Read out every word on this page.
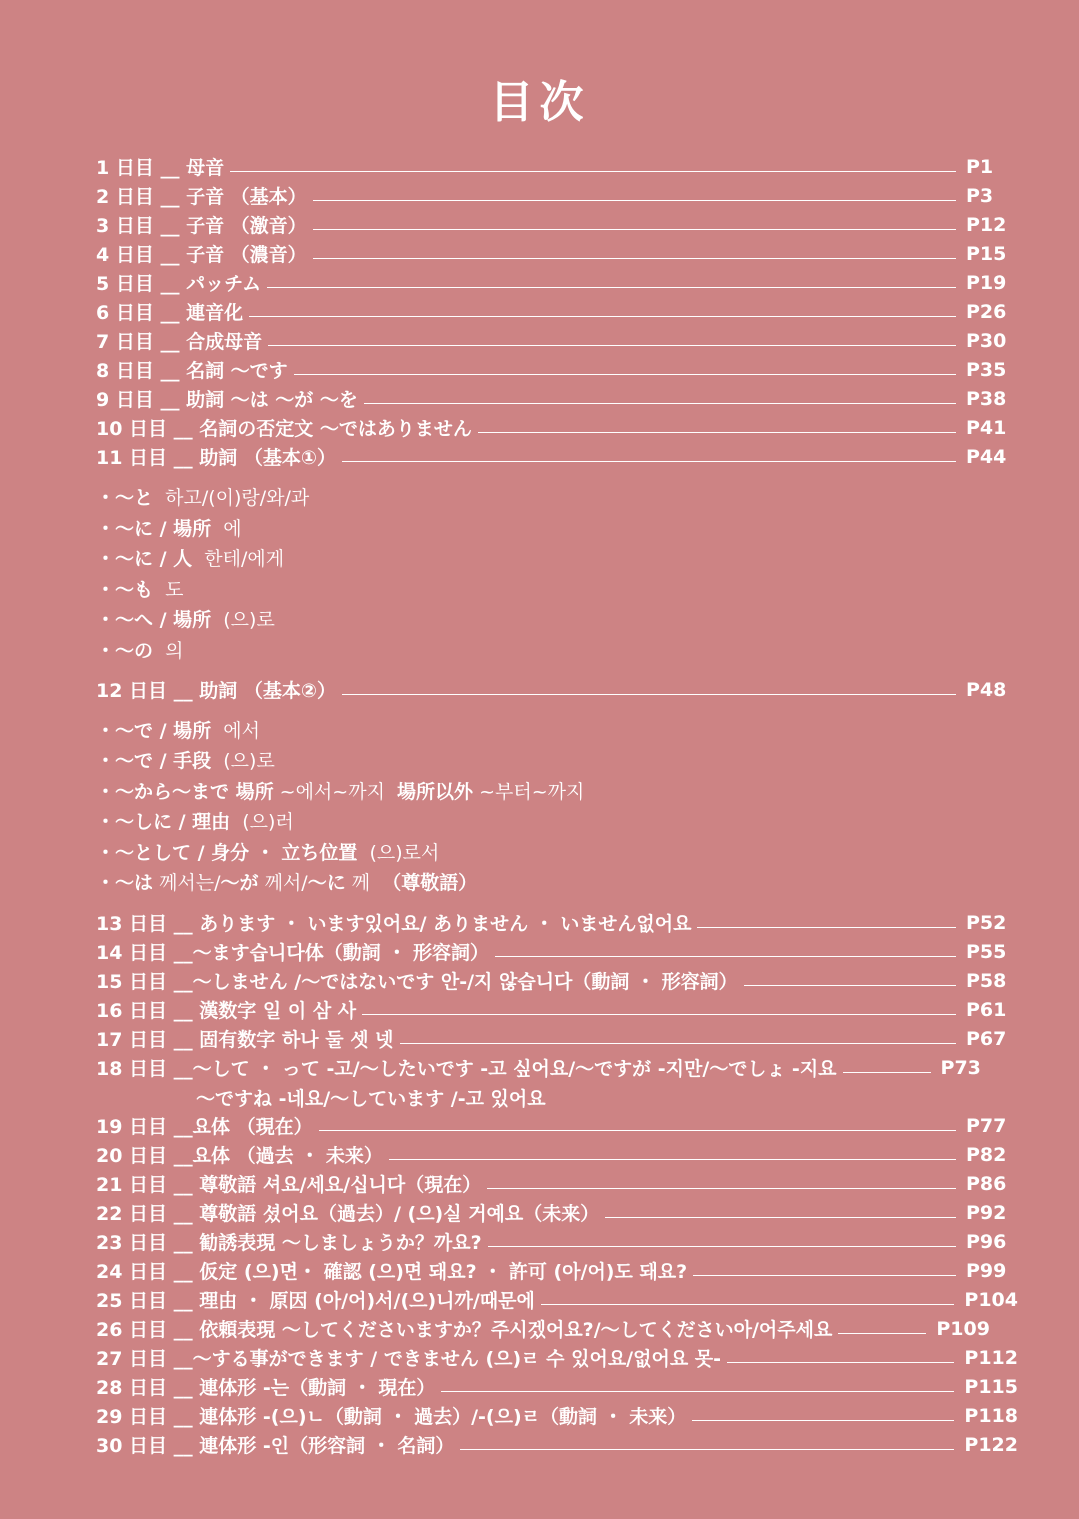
目次
1 日目 __ 母音	P1
2 日目 __ 子音 （基本）	P3
3 日目 __ 子音 （激音）	P12
4 日目 __ 子音 （濃音）	P15
5 日目 __ パッチム	P19
6 日目 __ 連音化	P26
7 日目 __ 合成母音	P30
8 日目 __ 名詞 〜です	P35
9 日目 __ 助詞 〜は 〜が 〜を	P38
10 日目 __ 名詞の否定文 〜ではありません	P41
11 日目 __ 助詞 （基本①）	P44
・〜と 하고/(이)랑/와/과
・〜に / 場所 에
・〜に / 人 한테/에게
・〜も 도
・〜へ / 場所 (으)로
・〜の 의
12 日目 __ 助詞 （基本②）	P48
・〜で / 場所 에서
・〜で / 手段 (으)로
・〜から〜まで 場所 ~에서~까지 場所以外 ~부터~까지
・〜しに / 理由 (으)러
・〜として / 身分 ・ 立ち位置 (으)로서
・〜は 께서는/〜が 께서/〜に 께 （尊敬語）
13 日目 __ あります ・ います있어요/ ありません ・ いません없어요	P52
14 日目 __〜ます습니다体（動詞 ・ 形容詞）	P55
15 日目 __〜しません /〜ではないです 안-/지 않습니다（動詞 ・ 形容詞）	P58
16 日目 __ 漢数字 일 이 삼 사	P61
17 日目 __ 固有数字 하나 둘 셋 넷	P67
18 日目 __〜して ・ って -고/〜したいです -고 싶어요/〜ですが -지만/〜でしょ -지요	P73
〜ですね -네요/〜しています /-고 있어요
19 日目 __요体 （現在）	P77
20 日目 __요体 （過去 ・ 未来）	P82
21 日目 __ 尊敬語 셔요/세요/십니다（現在）	P86
22 日目 __ 尊敬語 셨어요（過去）/ (으)실 거예요（未来）	P92
23 日目 __ 勧誘表現 〜しましょうか？까요?	P96
24 日目 __ 仮定 (으)면・ 確認 (으)면 돼요? ・ 許可 (아/어)도 돼요?	P99
25 日目 __ 理由 ・ 原因 (아/어)서/(으)니까/때문에	P104
26 日目 __ 依頼表現 〜してくださいますか？주시겠어요?/〜してください아/어주세요	P109
27 日目 __〜する事ができます / できません (으)ㄹ 수 있어요/없어요 못-	P112
28 日目 __ 連体形 -는（動詞 ・ 現在）	P115
29 日目 __ 連体形 -(으)ㄴ（動詞 ・ 過去）/-(으)ㄹ（動詞 ・ 未来）	P118
30 日目 __ 連体形 -인（形容詞 ・ 名詞）	P122
